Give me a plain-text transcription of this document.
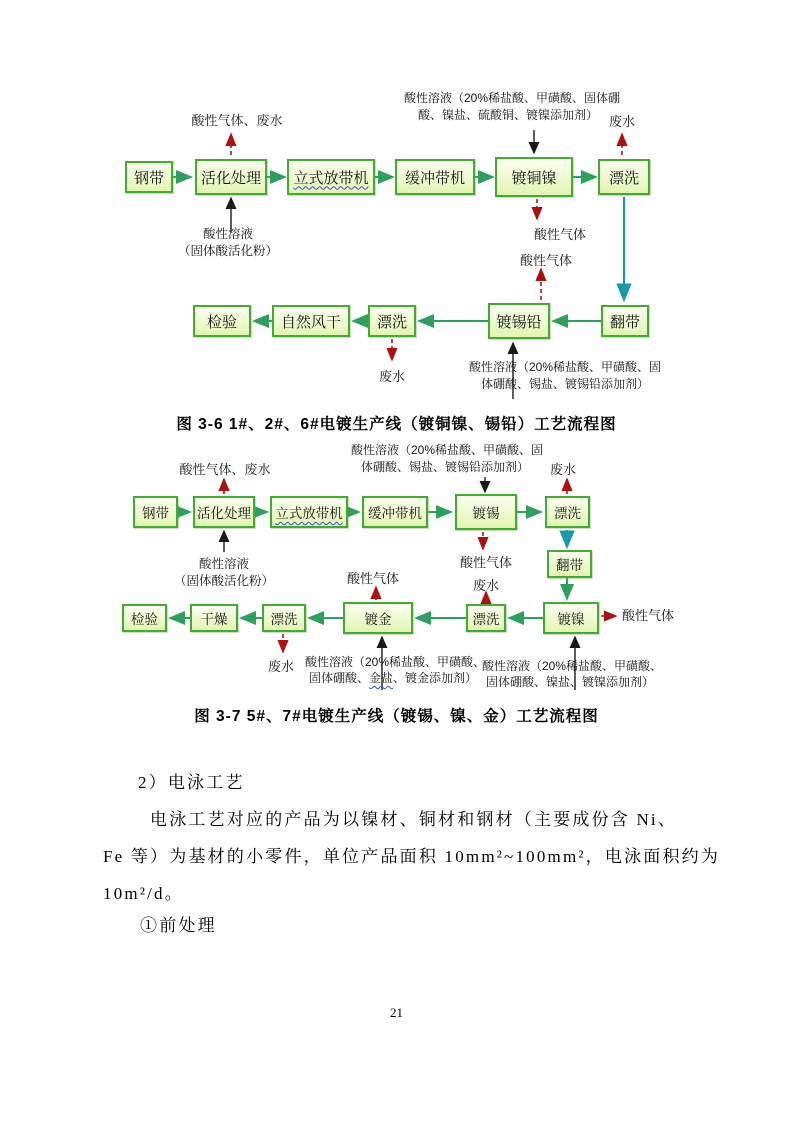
酸性气体、废水
酸性溶液（20%稀盐酸、甲磺酸、固体硼
酸、镍盐、硫酸铜、镀镍添加剂） 废水
钢带 活化处理 立式放带机 缓冲带机	镀铜镍	漂洗
酸性溶液
（固体酸活化粉）
酸性气体
酸性气体
检验	自然风干 漂洗	镀锡铅	翻带
废水
酸性溶液（20%稀盐酸、甲磺酸、固
体硼酸、锡盐、镀锡铅添加剂）
图 3-6 1#、2#、6#电镀生产线（镀铜镍、锡铅）工艺流程图
酸性溶液（20%稀盐酸、甲磺酸、固
体硼酸、锡盐、镀锡铅添加剂）
酸性气体、废水	废水
钢带 活化处理 立式放带机 缓冲带机	镀锡	漂洗
酸性溶液
（固体酸活化粉）
酸性气体
酸性气体	废水
翻带
检验	干燥	漂洗	镀金	漂洗	镀镍	酸性气体
废水 酸性溶液（20%稀盐酸、甲磺酸、
固体硼酸、金盐、镀金添加剂）
酸性溶液（20%稀盐酸、甲磺酸、
固体硼酸、镍盐、镀镍添加剂）
图 3-7 5#、7#电镀生产线（镀锡、镍、金）工艺流程图
2）电泳工艺
电泳工艺对应的产品为以镍材、铜材和钢材（主要成份含 Ni、
Fe 等）为基材的小零件，单位产品面积 10mm²~100mm²，电泳面积约为
10m²/d。
①前处理
21
